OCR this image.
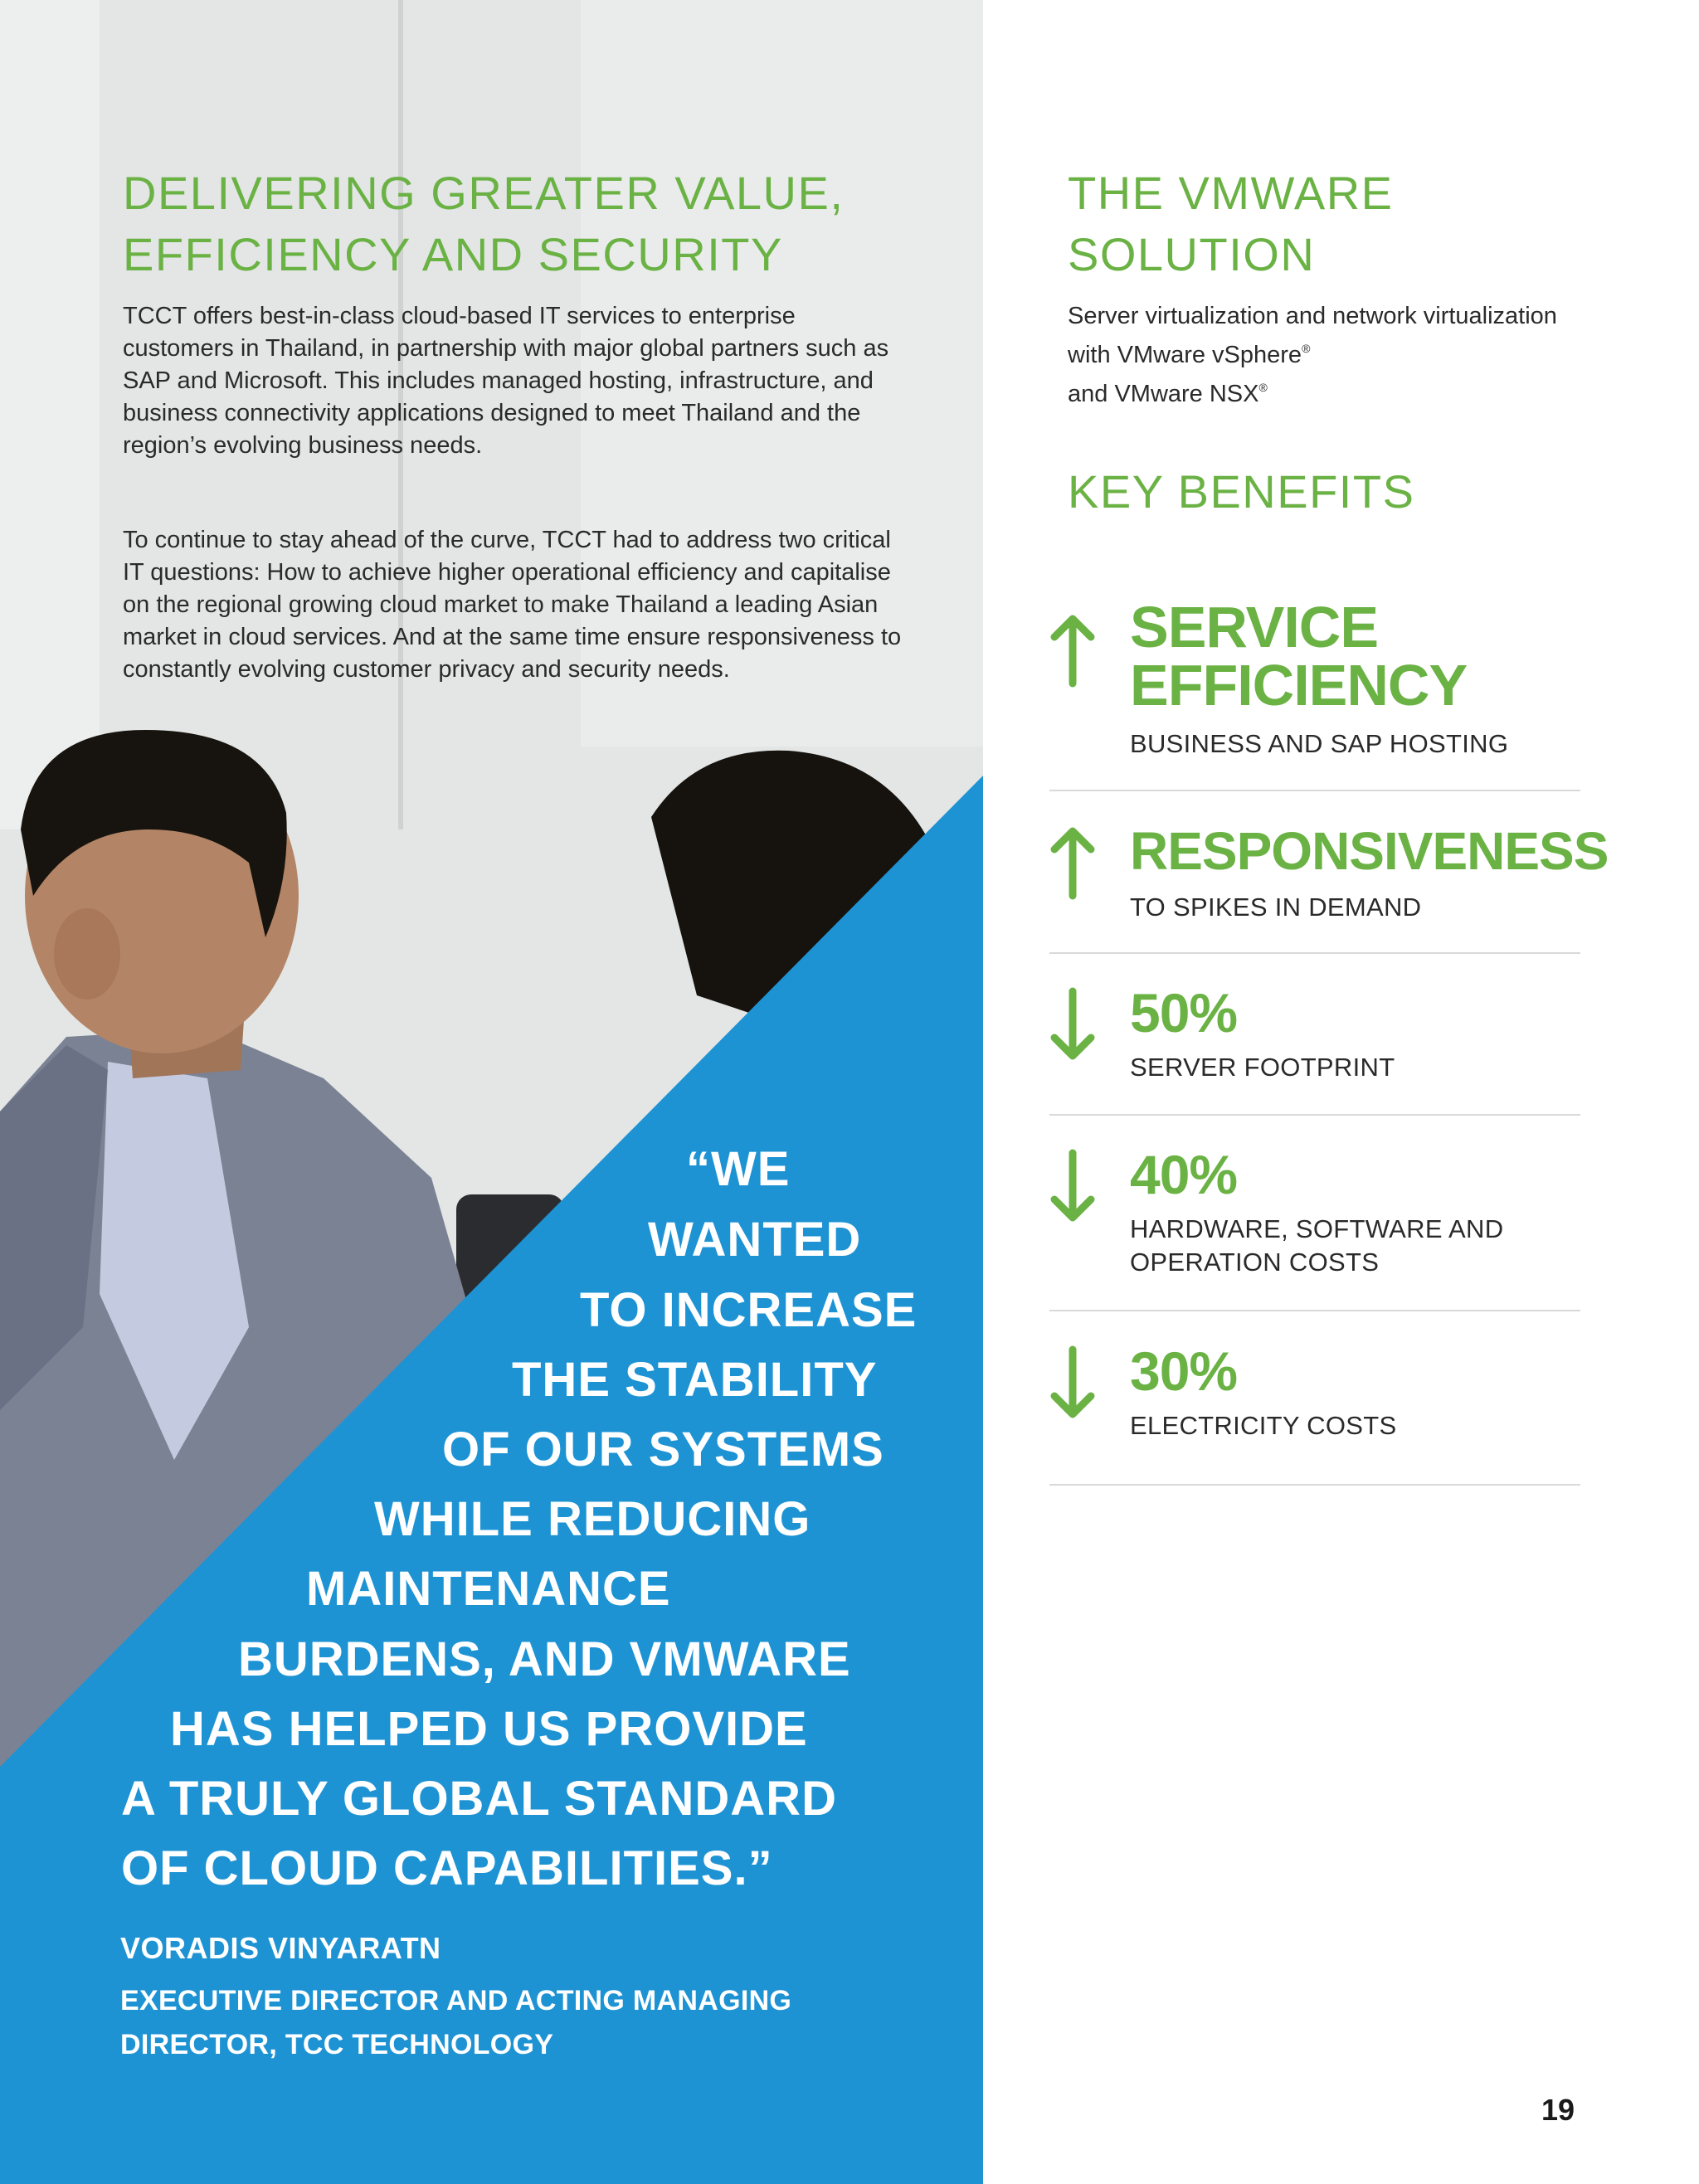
DELIVERING GREATER VALUE,
EFFICIENCY AND SECURITY

TCCT offers best-in-class cloud-based IT services to enterprise customers in Thailand, in partnership with major global partners such as SAP and Microsoft. This includes managed hosting, infrastructure, and business connectivity applications designed to meet Thailand and the region’s evolving business needs.

To continue to stay ahead of the curve, TCCT had to address two critical IT questions: How to achieve higher operational efficiency and capitalise on the regional growing cloud market to make Thailand a leading Asian market in cloud services. And at the same time ensure responsiveness to constantly evolving customer privacy and security needs.

“WE

WANTED

TO INCREASE

THE STABILITY

OF OUR SYSTEMS

WHILE REDUCING

MAINTENANCE

BURDENS, AND VMWARE

HAS HELPED US PROVIDE

A TRULY GLOBAL STANDARD

OF CLOUD CAPABILITIES.”

VORADIS VINYARATN

EXECUTIVE DIRECTOR AND ACTING MANAGING

DIRECTOR, TCC TECHNOLOGY

THE VMWARE
SOLUTION

Server virtualization and network virtualization with VMware vSphere®
and VMware NSX®

KEY BENEFITS

SERVICE

EFFICIENCY

BUSINESS AND SAP HOSTING

RESPONSIVENESS

TO SPIKES IN DEMAND

50%

SERVER FOOTPRINT

40%

HARDWARE, SOFTWARE AND

OPERATION COSTS

30%

ELECTRICITY COSTS

19
